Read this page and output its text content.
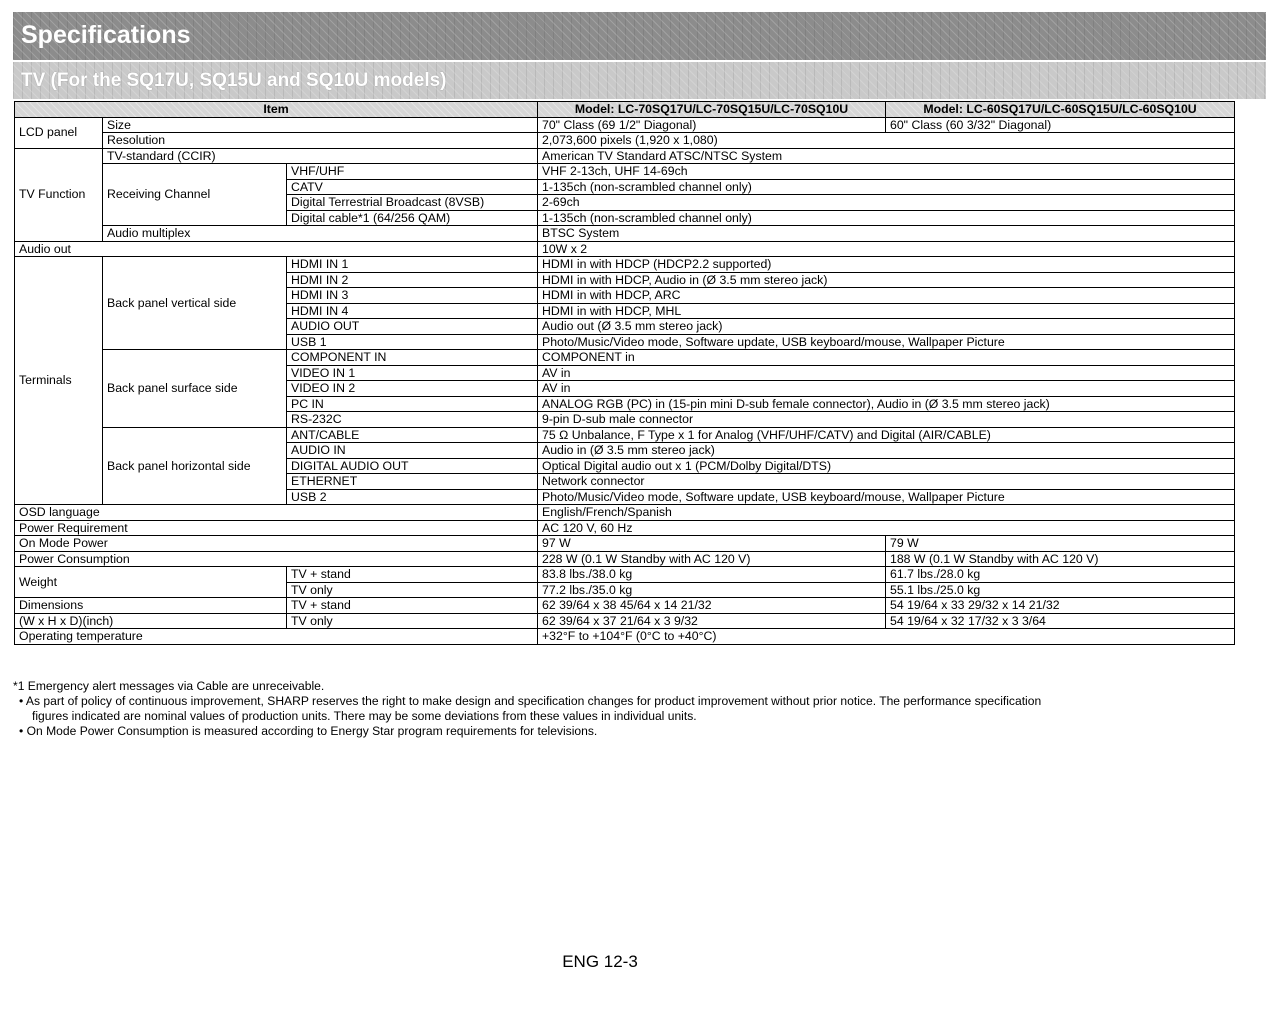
Specifications
TV (For the SQ17U, SQ15U and SQ10U models)
Item			Model: LC-70SQ17U/LC-70SQ15U/LC-70SQ10U	Model: LC-60SQ17U/LC-60SQ15U/LC-60SQ10U
LCD panel	Size		70" Class (69 1/2" Diagonal)	60" Class (60 3/32" Diagonal)
	Resolution		2,073,600 pixels (1,920 x 1,080)	
TV Function	TV-standard (CCIR)		American TV Standard ATSC/NTSC System	
	Receiving Channel	VHF/UHF	VHF 2-13ch, UHF 14-69ch	
		CATV	1-135ch (non-scrambled channel only)	
		Digital Terrestrial Broadcast (8VSB)	2-69ch	
		Digital cable*1 (64/256 QAM)	1-135ch (non-scrambled channel only)	
	Audio multiplex		BTSC System	
Audio out			10W x 2	
Terminals	Back panel vertical side	HDMI IN 1	HDMI in with HDCP (HDCP2.2 supported)	
		HDMI IN 2	HDMI in with HDCP, Audio in (Ø 3.5 mm stereo jack)	
		HDMI IN 3	HDMI in with HDCP, ARC	
		HDMI IN 4	HDMI in with HDCP, MHL	
		AUDIO OUT	Audio out (Ø 3.5 mm stereo jack)	
		USB 1	Photo/Music/Video mode, Software update, USB keyboard/mouse, Wallpaper Picture	
	Back panel surface side	COMPONENT IN	COMPONENT in	
		VIDEO IN 1	AV in	
		VIDEO IN 2	AV in	
		PC IN	ANALOG RGB (PC) in (15-pin mini D-sub female connector), Audio in (Ø 3.5 mm stereo jack)	
		RS-232C	9-pin D-sub male connector	
	Back panel horizontal side	ANT/CABLE	75 Ω Unbalance, F Type x 1 for Analog (VHF/UHF/CATV) and Digital (AIR/CABLE)	
		AUDIO IN	Audio in (Ø 3.5 mm stereo jack)	
		DIGITAL AUDIO OUT	Optical Digital audio out x 1 (PCM/Dolby Digital/DTS)	
		ETHERNET	Network connector	
		USB 2	Photo/Music/Video mode, Software update, USB keyboard/mouse, Wallpaper Picture	
OSD language			English/French/Spanish	
Power Requirement			AC 120 V, 60 Hz	
On Mode Power			97 W	79 W
Power Consumption			228 W (0.1 W Standby with AC 120 V)	188 W (0.1 W Standby with AC 120 V)
Weight		TV + stand	83.8 lbs./38.0 kg	61.7 lbs./28.0 kg
		TV only	77.2 lbs./35.0 kg	55.1 lbs./25.0 kg
Dimensions		TV + stand	62 39/64 x 38 45/64 x 14 21/32	54 19/64 x 33 29/32 x 14 21/32
(W x H x D)(inch)		TV only	62 39/64 x 37 21/64 x 3 9/32	54 19/64 x 32 17/32 x 3 3/64
Operating temperature			+32°F to +104°F (0°C to +40°C)	

*1 Emergency alert messages via Cable are unreceivable.

• As part of policy of continuous improvement, SHARP reserves the right to make design and specification changes for product improvement without prior notice. The performance specification

figures indicated are nominal values of production units. There may be some deviations from these values in individual units.

• On Mode Power Consumption is measured according to Energy Star program requirements for televisions.

ENG 12-3
